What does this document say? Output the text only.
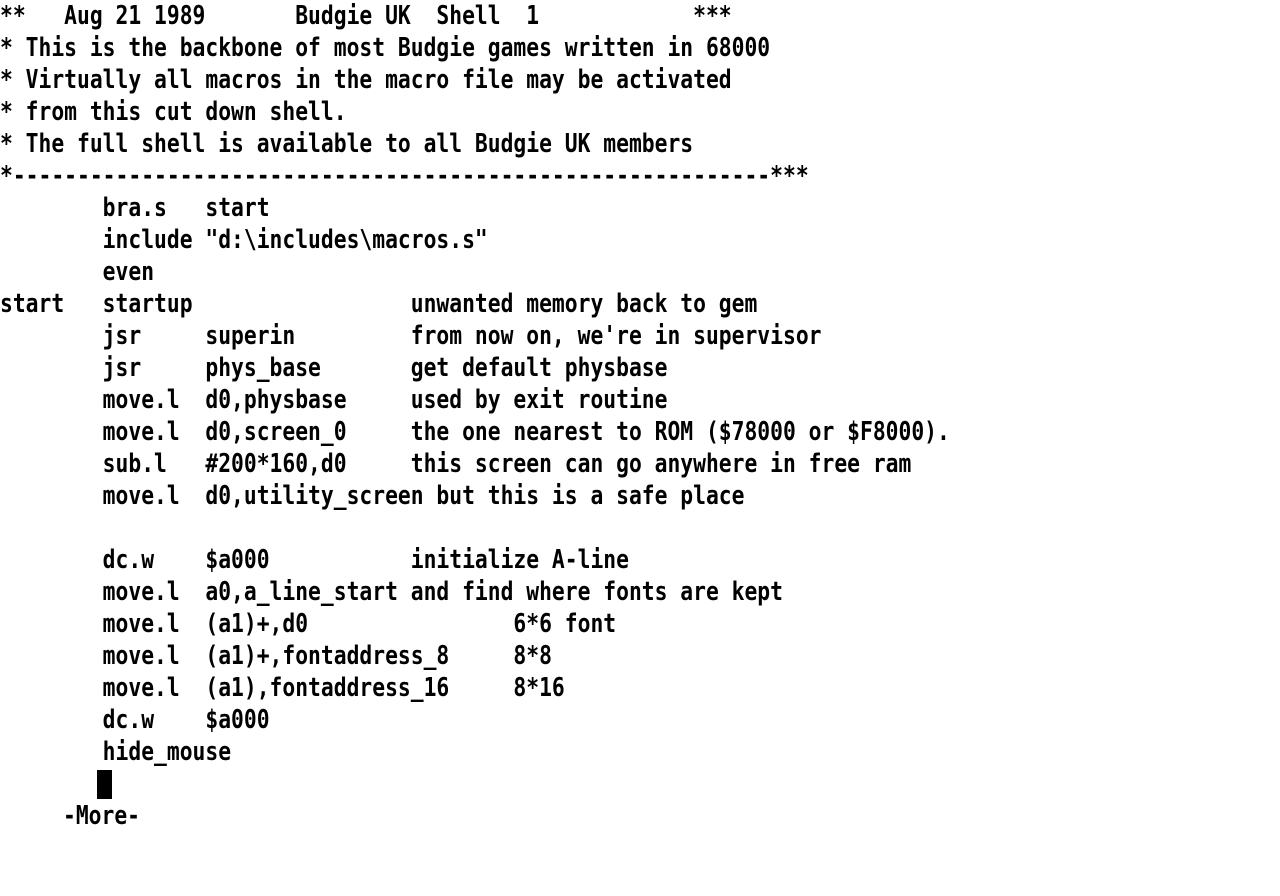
**   Aug 21 1989       Budgie UK  Shell  1            ***
* This is the backbone of most Budgie games written in 68000
* Virtually all macros in the macro file may be activated
* from this cut down shell.
* The full shell is available to all Budgie UK members
*-----------------------------------------------------------***
bra.s   start
include "d:\includes\macros.s"
even
start   startup                 unwanted memory back to gem
jsr     superin         from now on, we're in supervisor
jsr     phys_base       get default physbase
move.l  d0,physbase     used by exit routine
move.l  d0,screen_0     the one nearest to ROM ($78000 or $F8000).
sub.l   #200*160,d0     this screen can go anywhere in free ram
move.l  d0,utility_screen but this is a safe place
dc.w    $a000           initialize A-line
move.l  a0,a_line_start and find where fonts are kept
move.l  (a1)+,d0                6*6 font
move.l  (a1)+,fontaddress_8     8*8
move.l  (a1),fontaddress_16     8*16
dc.w    $a000
hide_mouse

-More-
